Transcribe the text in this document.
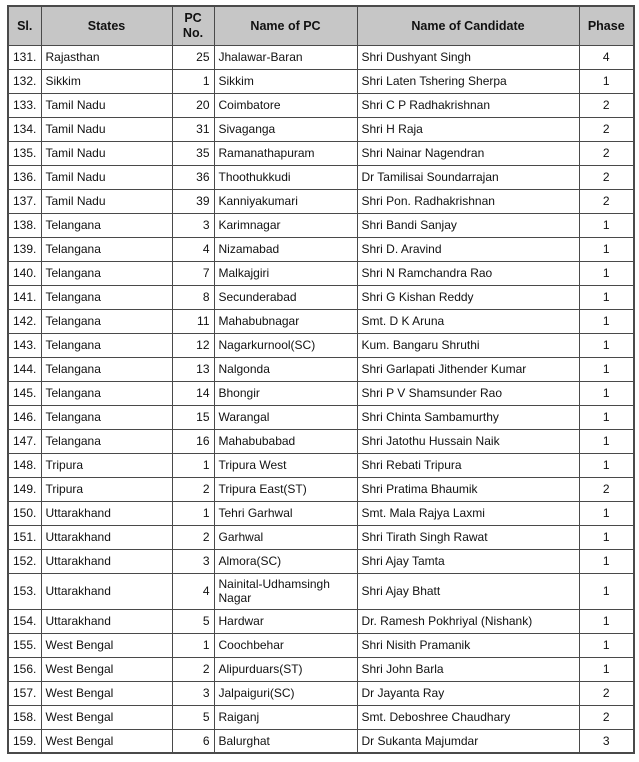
Sl.	States	PC No.	Name of PC	Name of Candidate	Phase
131.	Rajasthan	25	Jhalawar-Baran	Shri Dushyant Singh	4
132.	Sikkim	1	Sikkim	Shri Laten Tshering Sherpa	1
133.	Tamil Nadu	20	Coimbatore	Shri C P Radhakrishnan	2
134.	Tamil Nadu	31	Sivaganga	Shri H Raja	2
135.	Tamil Nadu	35	Ramanathapuram	Shri Nainar Nagendran	2
136.	Tamil Nadu	36	Thoothukkudi	Dr Tamilisai Soundarrajan	2
137.	Tamil Nadu	39	Kanniyakumari	Shri Pon. Radhakrishnan	2
138.	Telangana	3	Karimnagar	Shri Bandi Sanjay	1
139.	Telangana	4	Nizamabad	Shri D. Aravind	1
140.	Telangana	7	Malkajgiri	Shri N Ramchandra Rao	1
141.	Telangana	8	Secunderabad	Shri G Kishan Reddy	1
142.	Telangana	11	Mahabubnagar	Smt. D K Aruna	1
143.	Telangana	12	Nagarkurnool(SC)	Kum. Bangaru Shruthi	1
144.	Telangana	13	Nalgonda	Shri Garlapati Jithender Kumar	1
145.	Telangana	14	Bhongir	Shri P V Shamsunder Rao	1
146.	Telangana	15	Warangal	Shri Chinta Sambamurthy	1
147.	Telangana	16	Mahabubabad	Shri Jatothu Hussain Naik	1
148.	Tripura	1	Tripura West	Shri Rebati Tripura	1
149.	Tripura	2	Tripura East(ST)	Shri Pratima Bhaumik	2
150.	Uttarakhand	1	Tehri Garhwal	Smt. Mala Rajya Laxmi	1
151.	Uttarakhand	2	Garhwal	Shri Tirath Singh Rawat	1
152.	Uttarakhand	3	Almora(SC)	Shri Ajay Tamta	1
153.	Uttarakhand	4	Nainital-Udhamsingh Nagar	Shri Ajay Bhatt	1
154.	Uttarakhand	5	Hardwar	Dr. Ramesh Pokhriyal (Nishank)	1
155.	West Bengal	1	Coochbehar	Shri Nisith Pramanik	1
156.	West Bengal	2	Alipurduars(ST)	Shri John Barla	1
157.	West Bengal	3	Jalpaiguri(SC)	Dr Jayanta Ray	2
158.	West Bengal	5	Raiganj	Smt. Deboshree Chaudhary	2
159.	West Bengal	6	Balurghat	Dr Sukanta Majumdar	3
